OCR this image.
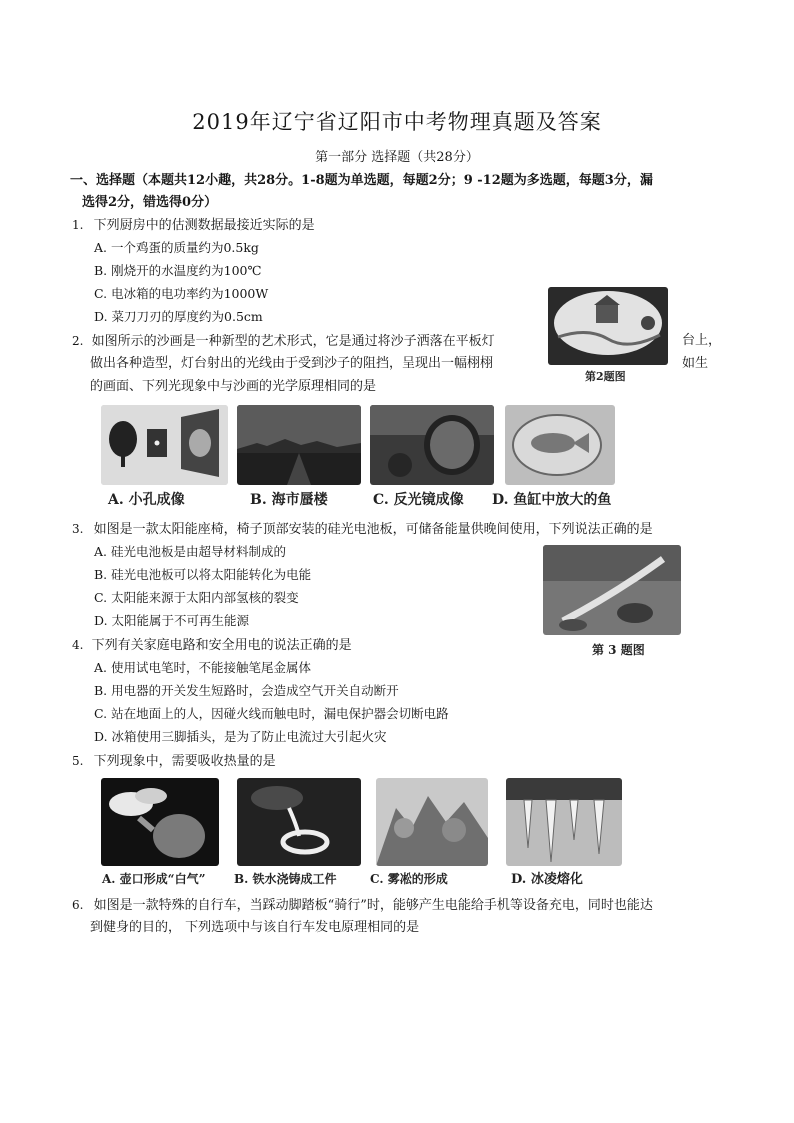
2019年辽宁省辽阳市中考物理真题及答案
第一部分 选择题（共28分）
一、选择题（本题共12小趣，共28分。1-8题为单选题，每题2分；9 -12题为多选题，每题3分，漏
选得2分，错选得0分）
1. 下列厨房中的估测数据最接近实际的是
A. 一个鸡蛋的质量约为0.5kg
B. 刚烧开的水温度约为100℃
C. 电冰箱的电功率约为1000W
D. 菜刀刀刃的厚度约为0.5cm
第2题图
2. 如图所示的沙画是一种新型的艺术形式，它是通过将沙子洒落在平板灯	台上，
做出各种造型，灯台射出的光线由于受到沙子的阻挡，呈现出一幅栩栩	如生
的画面、下列光现象中与沙画的光学原理相同的是
A. 小孔成像	B. 海市蜃楼	C. 反光镜成像 D. 鱼缸中放大的鱼
3. 如图是一款太阳能座椅，椅子顶部安装的硅光电池板，可储备能量供晚间使用，下列说法正确的是
A. 硅光电池板是由超导材料制成的
B. 硅光电池板可以将太阳能转化为电能
C. 太阳能来源于太阳内部氢核的裂变
D. 太阳能属于不可再生能源
第 3 题图
4. 下列有关家庭电路和安全用电的说法正确的是
A. 使用试电笔时，不能接触笔尾金属体
B. 用电器的开关发生短路时，会造成空气开关自动断开
C. 站在地面上的人，因碰火线而触电时，漏电保护器会切断电路
D. 冰箱使用三脚插头，是为了防止电流过大引起火灾
5. 下列现象中，需要吸收热量的是
A. 壶口形成“白气” B. 铁水浇铸成工件	C. 雾凇的形成	D. 冰凌熔化
6. 如图是一款特殊的自行车，当踩动脚踏板“骑行”时，能够产生电能给手机等设备充电，同时也能达
到健身的目的， 下列选项中与该自行车发电原理相同的是
